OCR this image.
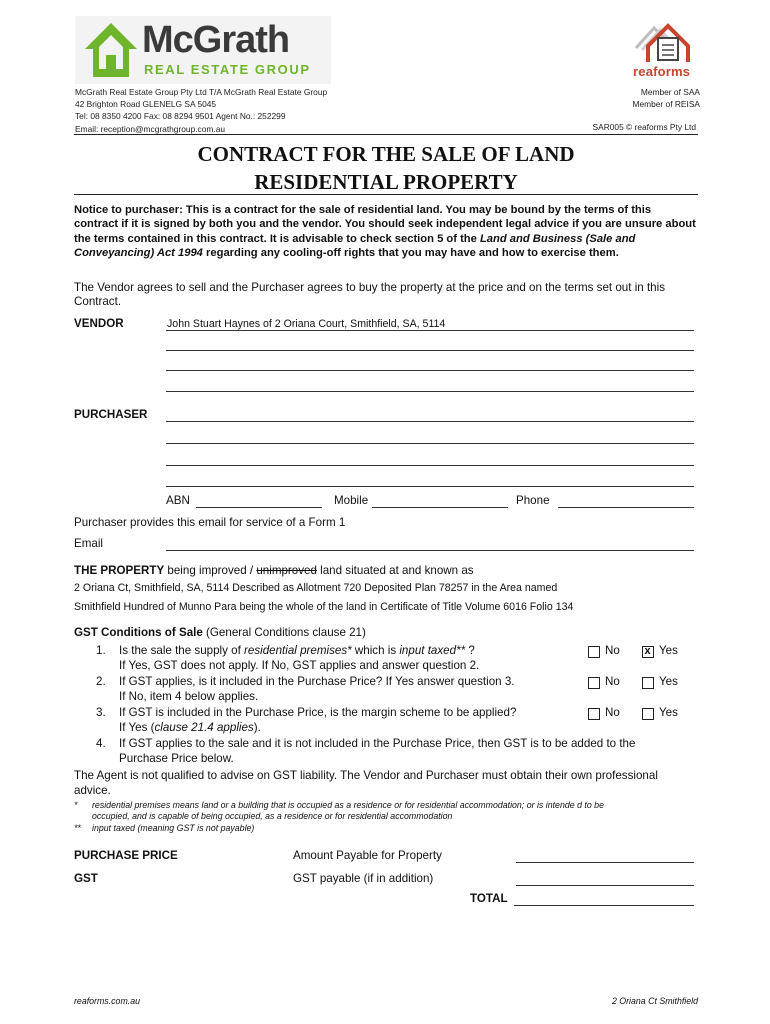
McGrath
REAL ESTATE GROUP
McGrath Real Estate Group Pty Ltd T/A McGrath Real Estate Group
42 Brighton Road GLENELG SA 5045
Tel: 08 8350 4200 Fax: 08 8294 9501 Agent No.: 252299
Email: reception@mcgrathgroup.com.au
reaforms
Member of SAA
Member of REISA
SAR005 © reaforms Pty Ltd
CONTRACT FOR THE SALE OF LAND
RESIDENTIAL PROPERTY
Notice to purchaser: This is a contract for the sale of residential land. You may be bound by the terms of this contract if it is signed by both you and the vendor. You should seek independent legal advice if you are unsure about the terms contained in this contract. It is advisable to check section 5 of the Land and Business (Sale and Conveyancing) Act 1994 regarding any cooling-off rights that you may have and how to exercise them.
The Vendor agrees to sell and the Purchaser agrees to buy the property at the price and on the terms set out in this Contract.
VENDOR	John Stuart Haynes of 2 Oriana Court, Smithfield, SA, 5114
PURCHASER
ABN	Mobile	Phone
Purchaser provides this email for service of a Form 1
Email
THE PROPERTY being improved / unimproved land situated at and known as
2 Oriana Ct, Smithfield, SA, 5114 Described as Allotment 720 Deposited Plan 78257 in the Area named
Smithfield Hundred of Munno Para being the whole of the land in Certificate of Title Volume 6016 Folio 134
GST Conditions of Sale (General Conditions clause 21)
1. Is the sale the supply of residential premises* which is input taxed** ?
If Yes, GST does not apply. If No, GST applies and answer question 2.
2. If GST applies, is it included in the Purchase Price? If Yes answer question 3.
If No, item 4 below applies.
3. If GST is included in the Purchase Price, is the margin scheme to be applied?
If Yes (clause 21.4 applies).
4. If GST applies to the sale and it is not included in the Purchase Price, then GST is to be added to the
Purchase Price below.
No
x	Yes
No	Yes
No	Yes
The Agent is not qualified to advise on GST liability. The Vendor and Purchaser must obtain their own professional advice.
* residential premises means land or a building that is occupied as a residence or for residential accommodation; or is intende d to be
occupied, and is capable of being occupied, as a residence or for residential accommodation
** input taxed (meaning GST is not payable)
PURCHASE PRICE	Amount Payable for Property
GST	GST payable (if in addition)
TOTAL
reaforms.com.au	2 Oriana Ct Smithfield
